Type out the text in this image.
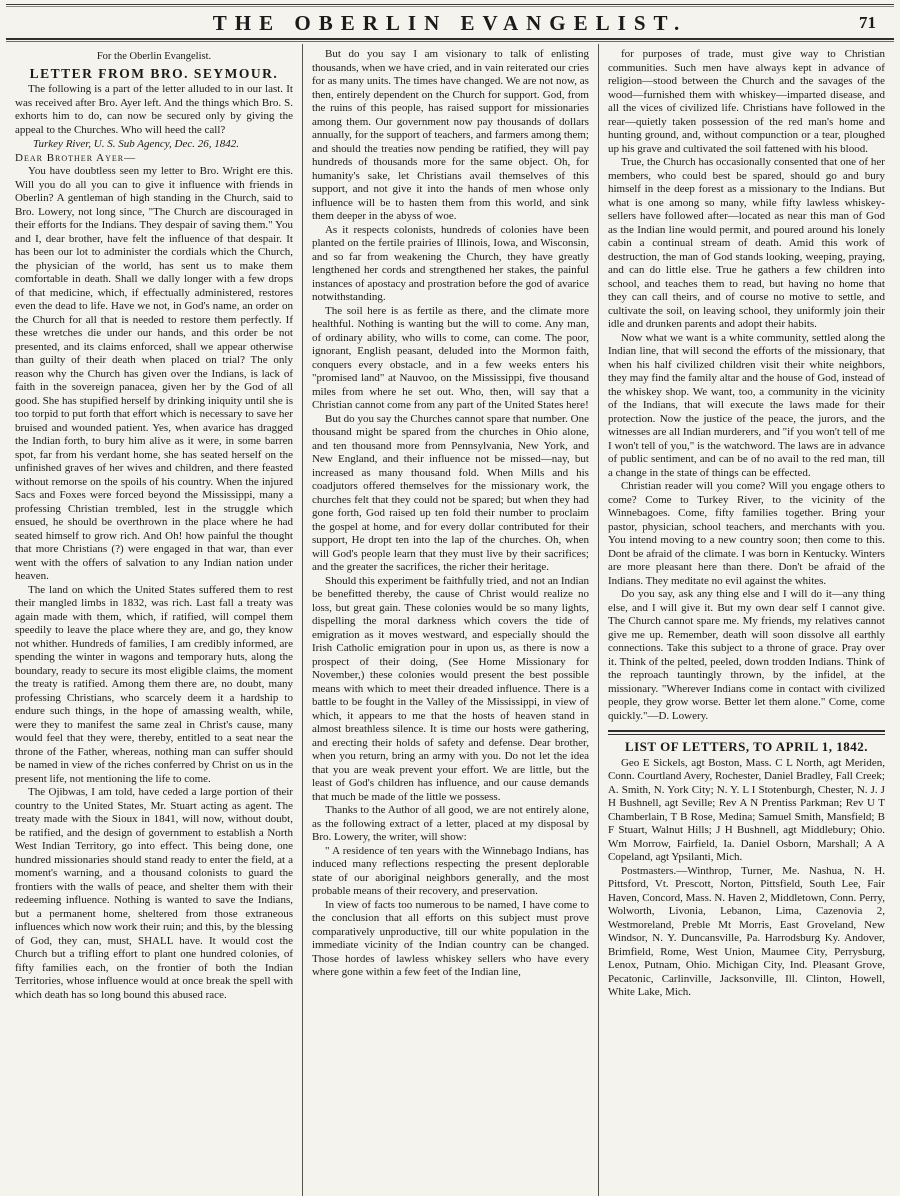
THE OBERLIN EVANGELIST.	71
For the Oberlin Evangelist.
LETTER FROM BRO. SEYMOUR.

The following is a part of the letter alluded to in our last. It was received after Bro. Ayer left. And the things which Bro. S. exhorts him to do, can now be secured only by giving the appeal to the Churches. Who will heed the call?

Turkey River, U. S. Sub Agency, Dec. 26, 1842.

Dear Brother Ayer—

You have doubtless seen my letter to Bro. Wright ere this. Will you do all you can to give it influence with friends in Oberlin? A gentleman of high standing in the Church, said to Bro. Lowery, not long since, "The Church are discouraged in their efforts for the Indians. They despair of saving them." You and I, dear brother, have felt the influence of that despair. It has been our lot to administer the cordials which the Church, the physician of the world, has sent us to make them comfortable in death. Shall we dally longer with a few drops of that medicine, which, if effectually administered, restores even the dead to life. Have we not, in God's name, an order on the Church for all that is needed to restore them perfectly. If these wretches die under our hands, and this order be not presented, and its claims enforced, shall we appear otherwise than guilty of their death when placed on trial? The only reason why the Church has given over the Indians, is lack of faith in the sovereign panacea, given her by the God of all good. She has stupified herself by drinking iniquity until she is too torpid to put forth that effort which is necessary to save her bruised and wounded patient. Yes, when avarice has dragged the Indian forth, to bury him alive as it were, in some barren spot, far from his verdant home, she has seated herself on the unfinished graves of her wives and children, and there feasted without remorse on the spoils of his country. When the injured Sacs and Foxes were forced beyond the Mississippi, many a professing Christian trembled, lest in the struggle which ensued, he should be overthrown in the place where he had seated himself to grow rich. And Oh! how painful the thought that more Christians (?) were engaged in that war, than ever went with the offers of salvation to any Indian nation under heaven.

The land on which the United States suffered them to rest their mangled limbs in 1832, was rich. Last fall a treaty was again made with them, which, if ratified, will compel them speedily to leave the place where they are, and go, they know not whither. Hundreds of families, I am credibly informed, are spending the winter in wagons and temporary huts, along the boundary, ready to secure its most eligible claims, the moment the treaty is ratified. Among them there are, no doubt, many professing Christians, who scarcely deem it a hardship to endure such things, in the hope of amassing wealth, while, were they to manifest the same zeal in Christ's cause, many would feel that they were, thereby, entitled to a seat near the throne of the Father, whereas, nothing man can suffer should be named in view of the riches conferred by Christ on us in the present life, not mentioning the life to come.

The Ojibwas, I am told, have ceded a large portion of their country to the United States, Mr. Stuart acting as agent. The treaty made with the Sioux in 1841, will now, without doubt, be ratified, and the design of government to establish a North West Indian Territory, go into effect. This being done, one hundred missionaries should stand ready to enter the field, at a moment's warning, and a thousand colonists to guard the frontiers with the walls of peace, and shelter them with their redeeming influence. Nothing is wanted to save the Indians, but a permanent home, sheltered from those extraneous influences which now work their ruin; and this, by the blessing of God, they can, must, SHALL have. It would cost the Church but a trifling effort to plant one hundred colonies, of fifty families each, on the frontier of both the Indian Territories, whose influence would at once break the spell with which death has so long bound this abused race.

But do you say I am visionary to talk of enlisting thousands, when we have cried, and in vain reiterated our cries for as many units. The times have changed. We are not now, as then, entirely dependent on the Church for support. God, from the ruins of this people, has raised support for missionaries among them. Our government now pay thousands of dollars annually, for the support of teachers, and farmers among them; and should the treaties now pending be ratified, they will pay hundreds of thousands more for the same object. Oh, for humanity's sake, let Christians avail themselves of this support, and not give it into the hands of men whose only influence will be to hasten them from this world, and sink them deeper in the abyss of woe.

As it respects colonists, hundreds of colonies have been planted on the fertile prairies of Illinois, Iowa, and Wisconsin, and so far from weakening the Church, they have greatly lengthened her cords and strengthened her stakes, the painful instances of apostacy and prostration before the god of avarice notwithstanding.

The soil here is as fertile as there, and the climate more healthful. Nothing is wanting but the will to come. Any man, of ordinary ability, who wills to come, can come. The poor, ignorant, English peasant, deluded into the Mormon faith, conquers every obstacle, and in a few weeks enters his "promised land" at Nauvoo, on the Mississippi, five thousand miles from where he set out. Who, then, will say that a Christian cannot come from any part of the United States here!

But do you say the Churches cannot spare that number. One thousand might be spared from the churches in Ohio alone, and ten thousand more from Pennsylvania, New York, and New England, and their influence not be missed—nay, but increased as many thousand fold. When Mills and his coadjutors offered themselves for the missionary work, the churches felt that they could not be spared; but when they had gone forth, God raised up ten fold their number to proclaim the gospel at home, and for every dollar contributed for their support, He dropt ten into the lap of the churches. Oh, when will God's people learn that they must live by their sacrifices; and the greater the sacrifices, the richer their heritage.

Should this experiment be faithfully tried, and not an Indian be benefitted thereby, the cause of Christ would realize no loss, but great gain. These colonies would be so many lights, dispelling the moral darkness which covers the tide of emigration as it moves westward, and especially should the Irish Catholic emigration pour in upon us, as there is now a prospect of their doing, (See Home Missionary for November,) these colonies would present the best possible means with which to meet their dreaded influence. There is a battle to be fought in the Valley of the Mississippi, in view of which, it appears to me that the hosts of heaven stand in almost breathless silence. It is time our hosts were gathering, and erecting their holds of safety and defense. Dear brother, when you return, bring an army with you. Do not let the idea that you are weak prevent your effort. We are little, but the least of God's children has influence, and our cause demands that much be made of the little we possess.

Thanks to the Author of all good, we are not entirely alone, as the following extract of a letter, placed at my disposal by Bro. Lowery, the writer, will show:

" A residence of ten years with the Winnebago Indians, has induced many reflections respecting the present deplorable state of our aboriginal neighbors generally, and the most probable means of their recovery, and preservation.

In view of facts too numerous to be named, I have come to the conclusion that all efforts on this subject must prove comparatively unproductive, till our white population in the immediate vicinity of the Indian country can be changed. Those hordes of lawless whiskey sellers who have every where gone within a few feet of the Indian line,

for purposes of trade, must give way to Christian communities. Such men have always kept in advance of religion—stood between the Church and the savages of the wood—furnished them with whiskey—imparted disease, and all the vices of civilized life. Christians have followed in the rear—quietly taken possession of the red man's home and hunting ground, and, without compunction or a tear, ploughed up his grave and cultivated the soil fattened with his blood.

True, the Church has occasionally consented that one of her members, who could best be spared, should go and bury himself in the deep forest as a missionary to the Indians. But what is one among so many, while fifty lawless whiskey-sellers have followed after—located as near this man of God as the Indian line would permit, and poured around his lonely cabin a continual stream of death. Amid this work of destruction, the man of God stands looking, weeping, praying, and can do little else. True he gathers a few children into school, and teaches them to read, but having no home that they can call theirs, and of course no motive to settle, and cultivate the soil, on leaving school, they uniformly join their idle and drunken parents and adopt their habits.

Now what we want is a white community, settled along the Indian line, that will second the efforts of the missionary, that when his half civilized children visit their white neighbors, they may find the family altar and the house of God, instead of the whiskey shop. We want, too, a community in the vicinity of the Indians, that will execute the laws made for their protection. Now the justice of the peace, the jurors, and the witnesses are all Indian murderers, and "if you won't tell of me I won't tell of you," is the watchword. The laws are in advance of public sentiment, and can be of no avail to the red man, till a change in the state of things can be effected.

Christian reader will you come? Will you engage others to come? Come to Turkey River, to the vicinity of the Winnebagoes. Come, fifty families together. Bring your pastor, physician, school teachers, and merchants with you. You intend moving to a new country soon; then come to this. Dont be afraid of the climate. I was born in Kentucky. Winters are more pleasant here than there. Don't be afraid of the Indians. They meditate no evil against the whites.

Do you say, ask any thing else and I will do it—any thing else, and I will give it. But my own dear self I cannot give. The Church cannot spare me. My friends, my relatives cannot give me up. Remember, death will soon dissolve all earthly connections. Take this subject to a throne of grace. Pray over it. Think of the pelted, peeled, down trodden Indians. Think of the reproach tauntingly thrown, by the infidel, at the missionary. "Wherever Indians come in contact with civilized people, they grow worse. Better let them alone." Come, come quickly."—D. Lowery.

LIST OF LETTERS, TO APRIL 1, 1842.

Geo E Sickels, agt Boston, Mass. C L North, agt Meriden, Conn. Courtland Avery, Rochester, Daniel Bradley, Fall Creek; A. Smith, N. York City; N. Y. L I Stotenburgh, Chester, N. J. J H Bushnell, agt Seville; Rev A N Prentiss Parkman; Rev U T Chamberlain, T B Rose, Medina; Samuel Smith, Mansfield; B F Stuart, Walnut Hills; J H Bushnell, agt Middlebury; Ohio. Wm Morrow, Fairfield, Ia. Daniel Osborn, Marshall; A A Copeland, agt Ypsilanti, Mich.

Postmasters.—Winthrop, Turner, Me. Nashua, N. H. Pittsford, Vt. Prescott, Norton, Pittsfield, South Lee, Fair Haven, Concord, Mass. N. Haven 2, Middletown, Conn. Perry, Wolworth, Livonia, Lebanon, Lima, Cazenovia 2, Westmoreland, Preble Mt Morris, East Groveland, New Windsor, N. Y. Duncansville, Pa. Harrodsburg Ky. Andover, Brimfield, Rome, West Union, Maumee City, Perrysburg, Lenox, Putnam, Ohio. Michigan City, Ind. Pleasant Grove, Pecatonic, Carlinville, Jacksonville, Ill. Clinton, Howell, White Lake, Mich.
